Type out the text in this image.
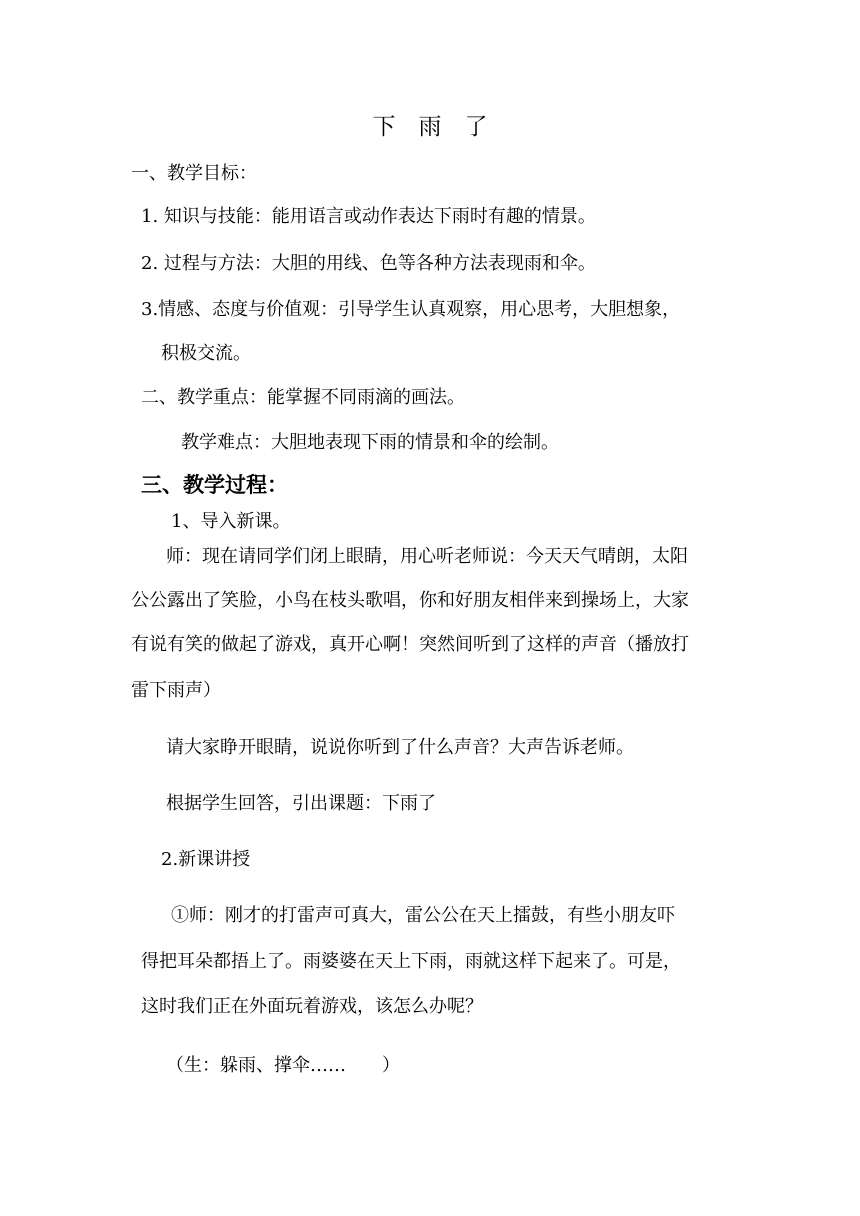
下　雨　了
一、教学目标：
1. 知识与技能：能用语言或动作表达下雨时有趣的情景。
2. 过程与方法：大胆的用线、色等各种方法表现雨和伞。
3.情感、态度与价值观：引导学生认真观察，用心思考，大胆想象，
积极交流。
二、教学重点：能掌握不同雨滴的画法。
教学难点：大胆地表现下雨的情景和伞的绘制。
三、教学过程：
1、导入新课。
师：现在请同学们闭上眼睛，用心听老师说：今天天气晴朗，太阳
公公露出了笑脸，小鸟在枝头歌唱，你和好朋友相伴来到操场上，大家
有说有笑的做起了游戏，真开心啊！突然间听到了这样的声音（播放打
雷下雨声）
请大家睁开眼睛，说说你听到了什么声音？大声告诉老师。
根据学生回答，引出课题：下雨了
2.新课讲授
①师：刚才的打雷声可真大，雷公公在天上擂鼓，有些小朋友吓
得把耳朵都捂上了。雨婆婆在天上下雨，雨就这样下起来了。可是，
这时我们正在外面玩着游戏，该怎么办呢？
（生：躲雨、撑伞……　　）
